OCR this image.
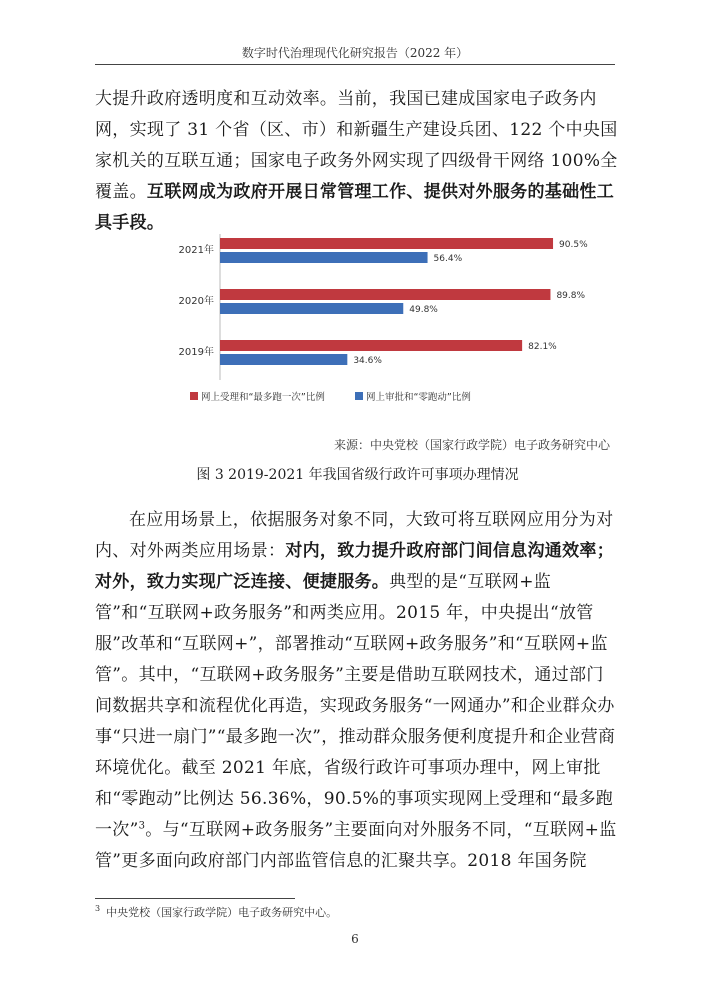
数字时代治理现代化研究报告（2022 年）

大提升政府透明度和互动效率。当前，我国已建成国家电子政务内网，实现了 31 个省（区、市）和新疆生产建设兵团、122 个中央国家机关的互联互通；国家电子政务外网实现了四级骨干网络 100%全覆盖。互联网成为政府开展日常管理工作、提供对外服务的基础性工具手段。

2021年	90.5%
56.4%
2020年	89.8%
49.8%
2019年	82.1%
34.6%
网上受理和“最多跑一次”比例	网上审批和“零跑动”比例
来源：中央党校（国家行政学院）电子政务研究中心
图 3 2019-2021 年我国省级行政许可事项办理情况

在应用场景上，依据服务对象不同，大致可将互联网应用分为对内、对外两类应用场景：对内，致力提升政府部门间信息沟通效率；对外，致力实现广泛连接、便捷服务。典型的是“互联网+监管”和“互联网+政务服务”和两类应用。2015 年，中央提出“放管服”改革和“互联网+”，部署推动“互联网+政务服务”和“互联网+监管”。其中，“互联网+政务服务”主要是借助互联网技术，通过部门间数据共享和流程优化再造，实现政务服务“一网通办”和企业群众办事“只进一扇门”“最多跑一次”，推动群众服务便利度提升和企业营商环境优化。截至 2021 年底，省级行政许可事项办理中，网上审批和“零跑动”比例达 56.36%，90.5%的事项实现网上受理和“最多跑一次”$^3$。与“互联网+政务服务”主要面向对外服务不同，“互联网+监管”更多面向政府部门内部监管信息的汇聚共享。2018 年国务院

$^3$ 中央党校（国家行政学院）电子政务研究中心。
6
